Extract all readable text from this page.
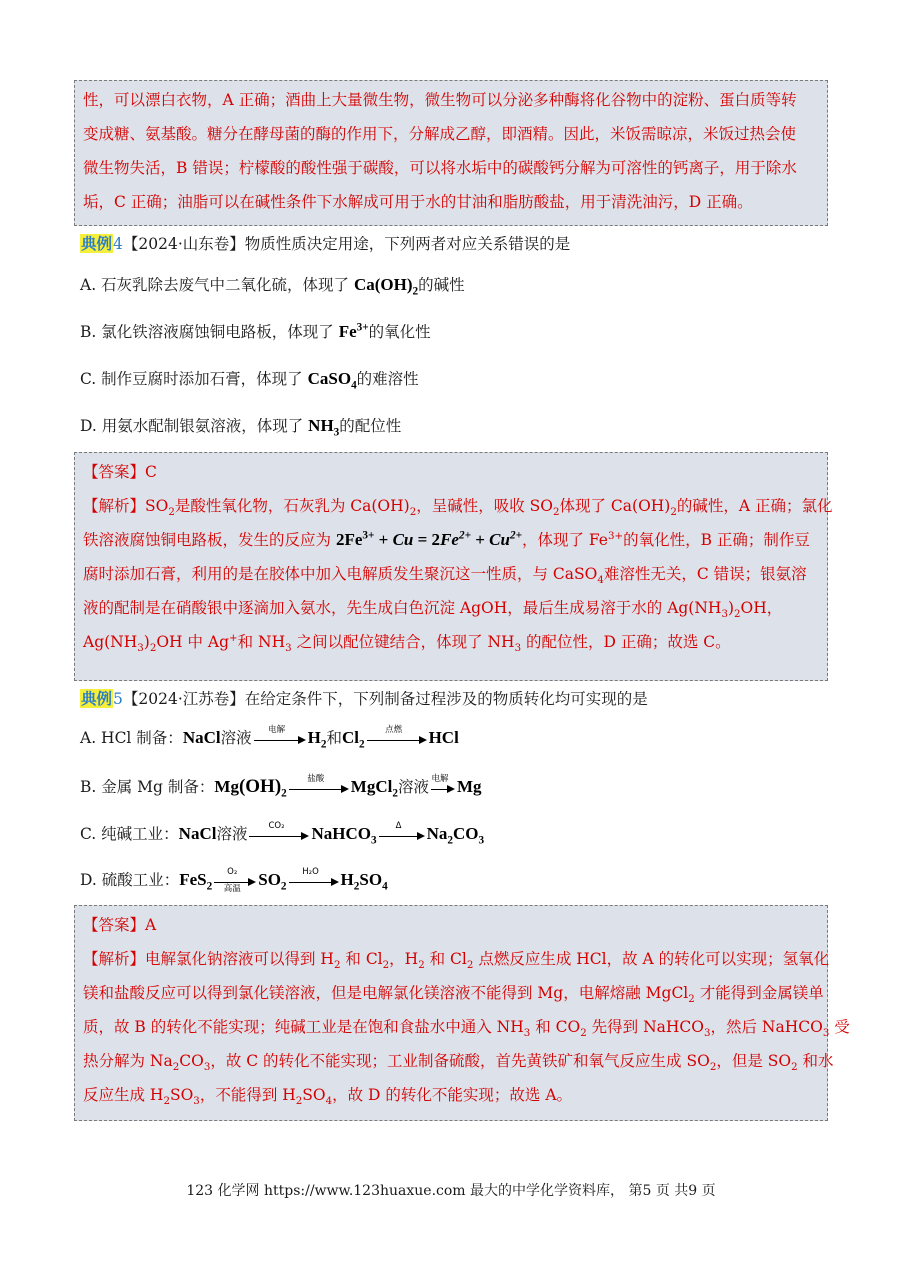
性，可以漂白衣物，A 正确；酒曲上大量微生物，微生物可以分泌多种酶将化谷物中的淀粉、蛋白质等转
变成糖、氨基酸。糖分在酵母菌的酶的作用下，分解成乙醇，即酒精。因此，米饭需晾凉，米饭过热会使
微生物失活，B 错误；柠檬酸的酸性强于碳酸，可以将水垢中的碳酸钙分解为可溶性的钙离子，用于除水
垢，C 正确；油脂可以在碱性条件下水解成可用于水的甘油和脂肪酸盐，用于清洗油污，D 正确。
典例4【2024·山东卷】物质性质决定用途，下列两者对应关系错误的是
A. 石灰乳除去废气中二氧化硫，体现了 $Ca(OH)_2$的碱性
B. 氯化铁溶液腐蚀铜电路板，体现了 $Fe^{3+}$的氧化性
C. 制作豆腐时添加石膏，体现了 CaSO$_4$的难溶性
D. 用氨水配制银氨溶液，体现了 $NH_3$的配位性
【答案】C
【解析】$SO_2$是酸性氧化物，石灰乳为 $Ca(OH)_2$，呈碱性，吸收 $SO_2$体现了 $Ca(OH)_2$的碱性，A 正确；氯化
铁溶液腐蚀铜电路板，发生的反应为 $2Fe^{3+} + Cu = 2Fe^{2+} + Cu^{2+}$，体现了 $Fe^{3+}$的氧化性，B 正确；制作豆
腐时添加石膏，利用的是在胶体中加入电解质发生聚沉这一性质，与 CaSO$_4$难溶性无关，C 错误；银氨溶
液的配制是在硝酸银中逐滴加入氨水，先生成白色沉淀 AgOH，最后生成易溶于水的 $Ag(NH_3)_2OH$，
$Ag(NH_3)_2OH$ 中 Ag+和 $NH_3$ 之间以配位键结合，体现了 $NH_3$ 的配位性，D 正确；故选 C。
典例5【2024·江苏卷】在给定条件下，下列制备过程涉及的物质转化均可实现的是
A. HCl 制备：NaCl溶液	电解	$H_2$和$Cl_2$
点燃	HCl
B. 金属 Mg 制备：$Mg(OH)_2$
盐酸	MgCl$_2$溶液 电解 Mg
C. 纯碱工业：NaCl溶液	CO₂	NaHCO$_3$
Δ	$Na_2CO_3$
D. 硫酸工业：FeS$_2$
O₂
高温	$SO_2$
H₂O	$H_2SO_4$
【答案】A
【解析】电解氯化钠溶液可以得到 $H_2$ 和 $Cl_2$，$H_2$ 和 $Cl_2$ 点燃反应生成 HCl，故 A 的转化可以实现；氢氧化
镁和盐酸反应可以得到氯化镁溶液，但是电解氯化镁溶液不能得到 Mg，电解熔融 MgCl$_2$ 才能得到金属镁单
质，故 B 的转化不能实现；纯碱工业是在饱和食盐水中通入 $NH_3$ 和 $CO_2$ 先得到 NaHCO$_3$，然后 NaHCO$_3$ 受
热分解为 $Na_2CO_3$，故 C 的转化不能实现；工业制备硫酸，首先黄铁矿和氧气反应生成 $SO_2$，但是 $SO_2$ 和水
反应生成 $H_2SO_3$，不能得到 $H_2SO_4$，故 D 的转化不能实现；故选 A。
123 化学网 https://www.123huaxue.com 最大的中学化学资料库， 第5 页 共9 页
